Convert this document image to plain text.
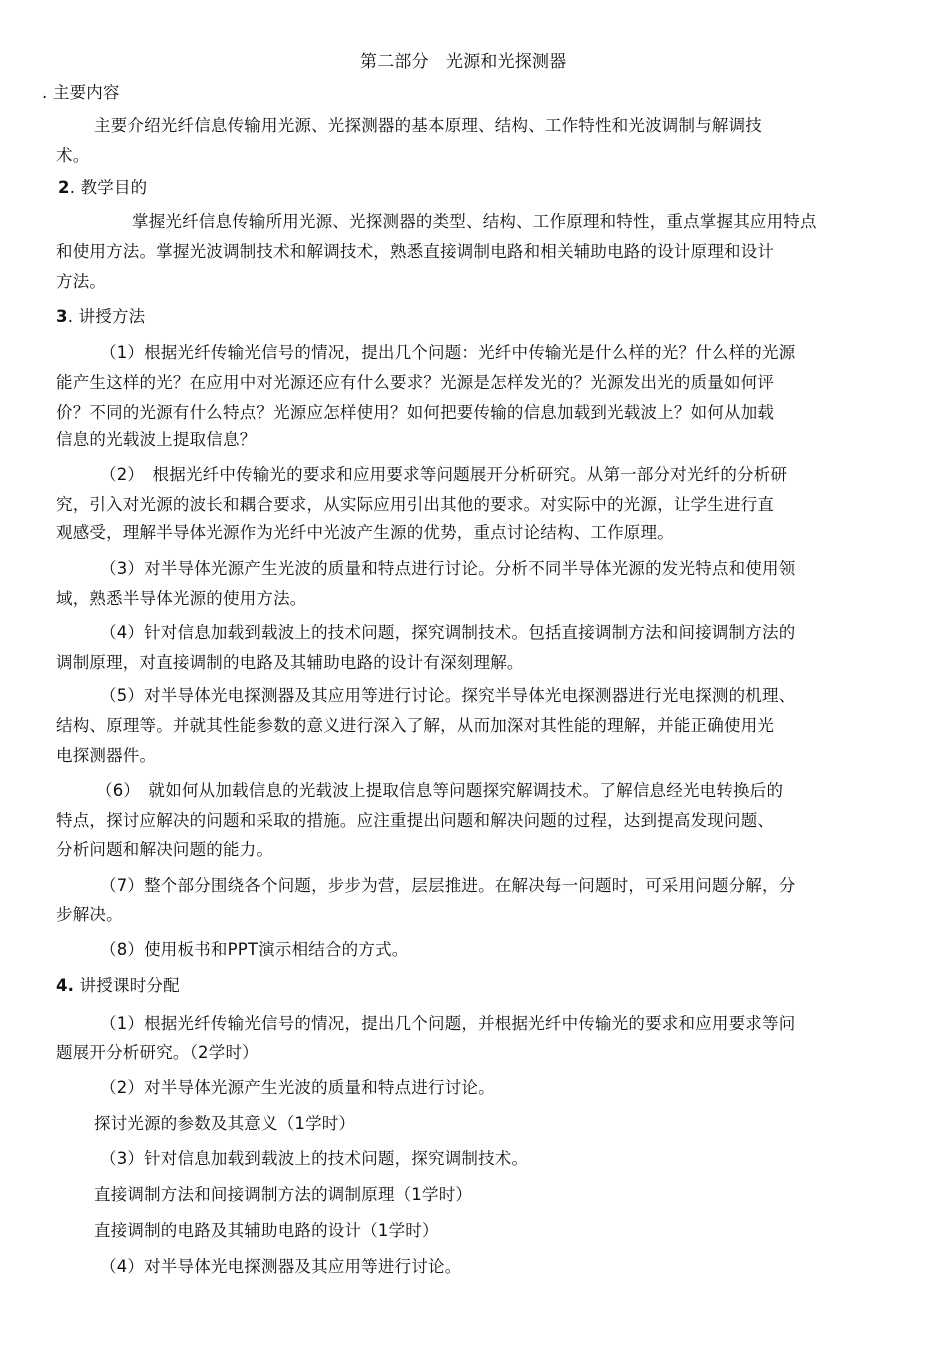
第二部分　光源和光探测器
. 主要内容
主要介绍光纤信息传输用光源、光探测器的基本原理、结构、工作特性和光波调制与解调技
术。
2. 教学目的
掌握光纤信息传输所用光源、光探测器的类型、结构、工作原理和特性，重点掌握其应用特点
和使用方法。掌握光波调制技术和解调技术，熟悉直接调制电路和相关辅助电路的设计原理和设计
方法。
3. 讲授方法
（1）根据光纤传输光信号的情况，提出几个问题：光纤中传输光是什么样的光？什么样的光源
能产生这样的光？在应用中对光源还应有什么要求？光源是怎样发光的？光源发出光的质量如何评
价？不同的光源有什么特点？光源应怎样使用？如何把要传输的信息加载到光载波上？如何从加载
信息的光载波上提取信息？
（2）　根据光纤中传输光的要求和应用要求等问题展开分析研究。从第一部分对光纤的分析研
究，引入对光源的波长和耦合要求，从实际应用引出其他的要求。对实际中的光源，让学生进行直
观感受，理解半导体光源作为光纤中光波产生源的优势，重点讨论结构、工作原理。
（3）对半导体光源产生光波的质量和特点进行讨论。分析不同半导体光源的发光特点和使用领
域，熟悉半导体光源的使用方法。
（4）针对信息加载到载波上的技术问题，探究调制技术。包括直接调制方法和间接调制方法的
调制原理，对直接调制的电路及其辅助电路的设计有深刻理解。
（5）对半导体光电探测器及其应用等进行讨论。探究半导体光电探测器进行光电探测的机理、
结构、原理等。并就其性能参数的意义进行深入了解，从而加深对其性能的理解，并能正确使用光
电探测器件。
（6）　就如何从加载信息的光载波上提取信息等问题探究解调技术。了解信息经光电转换后的
特点，探讨应解决的问题和采取的措施。应注重提出问题和解决问题的过程，达到提高发现问题、
分析问题和解决问题的能力。
（7）整个部分围绕各个问题，步步为营，层层推进。在解决每一问题时，可采用问题分解，分
步解决。
（8）使用板书和PPT演示相结合的方式。
4. 讲授课时分配
（1）根据光纤传输光信号的情况，提出几个问题，并根据光纤中传输光的要求和应用要求等问
题展开分析研究。（2学时）
（2）对半导体光源产生光波的质量和特点进行讨论。
探讨光源的参数及其意义（1学时）
（3）针对信息加载到载波上的技术问题，探究调制技术。
直接调制方法和间接调制方法的调制原理（1学时）
直接调制的电路及其辅助电路的设计（1学时）
（4）对半导体光电探测器及其应用等进行讨论。
